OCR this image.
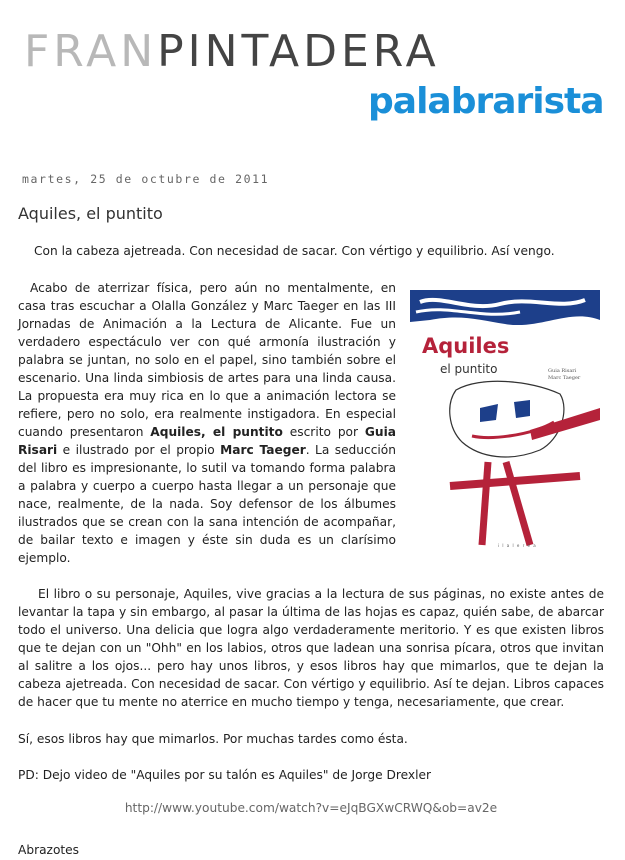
FRANPINTADERA
palabrarista
martes, 25 de octubre de 2011
Aquiles, el puntito

Con la cabeza ajetreada. Con necesidad de sacar. Con vértigo y equilibrio. Así vengo.

Aquiles
el puntito	Guia Risari
Marc Taeger
i l a l e r e a

Acabo de aterrizar física, pero aún no mentalmente, en casa tras escuchar a Olalla González y Marc Taeger en las III Jornadas de Animación a la Lectura de Alicante. Fue un verdadero espectáculo ver con qué armonía ilustración y palabra se juntan, no solo en el papel, sino también sobre el escenario. Una linda simbiosis de artes para una linda causa. La propuesta era muy rica en lo que a animación lectora se refiere, pero no solo, era realmente instigadora. En especial cuando presentaron Aquiles, el puntito escrito por Guia Risari e ilustrado por el propio Marc Taeger. La seducción del libro es impresionante, lo sutil va tomando forma palabra a palabra y cuerpo a cuerpo hasta llegar a un personaje que nace, realmente, de la nada. Soy defensor de los álbumes ilustrados que se crean con la sana intención de acompañar, de bailar texto e imagen y éste sin duda es un clarísimo ejemplo.

El libro o su personaje, Aquiles, vive gracias a la lectura de sus páginas, no existe antes de levantar la tapa y sin embargo, al pasar la última de las hojas es capaz, quién sabe, de abarcar todo el universo. Una delicia que logra algo verdaderamente meritorio. Y es que existen libros que te dejan con un "Ohh" en los labios, otros que ladean una sonrisa pícara, otros que invitan al salitre a los ojos... pero hay unos libros, y esos libros hay que mimarlos, que te dejan la cabeza ajetreada. Con necesidad de sacar. Con vértigo y equilibrio. Así te dejan. Libros capaces de hacer que tu mente no aterrice en mucho tiempo y tenga, necesariamente, que crear.

Sí, esos libros hay que mimarlos. Por muchas tardes como ésta.

PD: Dejo video de "Aquiles por su talón es Aquiles" de Jorge Drexler

http://www.youtube.com/watch?v=eJqBGXwCRWQ&ob=av2e

Abrazotes
